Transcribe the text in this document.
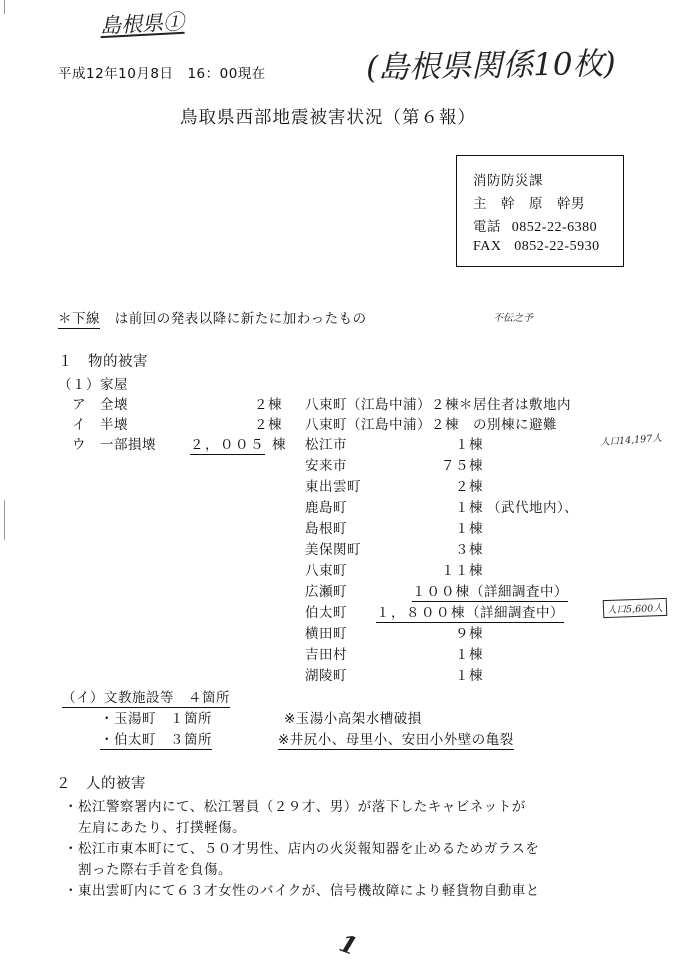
島根県①
平成12年10月8日　16：00現在	(島根県関係10枚)
鳥取県西部地震被害状況（第６報）
消防防災課
主　幹　原　幹男
電話 0852-22-6380
FAX 0852-22-5930
＊下線 は前回の発表以降に新たに加わったもの	不伝之予
１　物的被害
（１）家屋
ア　全壊	２棟 八束町（江島中浦）２棟＊居住者は敷地内
イ　半壊	２棟 八束町（江島中浦）２棟　の別棟に避難
ウ　一部損壊	２，００５ 棟	人口14,197人
松江市	１棟
安来市	７５棟
東出雲町	２棟
鹿島町	１棟 （武代地内）、
島根町	１棟
美保関町	３棟
八束町	１１棟
広瀬町	１００棟（詳細調査中）
伯太町 １，８００棟（詳細調査中）	人口5,600人
横田町	９棟
吉田村	１棟
湖陵町	１棟
（イ）文教施設等　４箇所
・玉湯町　１箇所	※玉湯小高架水槽破損
・伯太町　３箇所	※井尻小、母里小、安田小外壁の亀裂
２　人的被害
・松江警察署内にて、松江署員（２９才、男）が落下したキャビネットが
左肩にあたり、打撲軽傷。
・松江市東本町にて、５０才男性、店内の火災報知器を止めるためガラスを
割った際右手首を負傷。
・東出雲町内にて６３才女性のバイクが、信号機故障により軽貨物自動車と
1
